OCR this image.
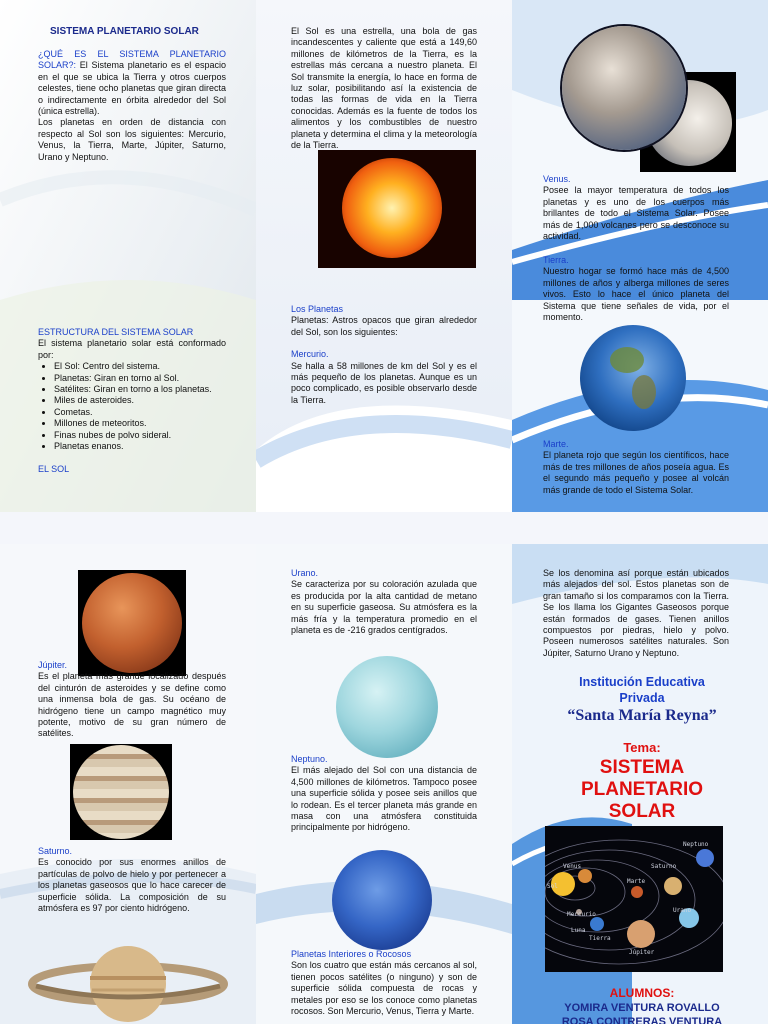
SISTEMA PLANETARIO SOLAR
¿QUÉ ES EL SISTEMA PLANETARIO SOLAR?: El Sistema planetario es el espacio en el que se ubica la Tierra y otros cuerpos celestes, tiene ocho planetas que giran directa o indirectamente en órbita alrededor del Sol (única estrella).
Los planetas en orden de distancia con respecto al Sol son los siguientes: Mercurio, Venus, la Tierra, Marte, Júpiter, Saturno, Urano y Neptuno.
ESTRUCTURA DEL SISTEMA SOLAR
El sistema planetario solar está conformado por:
• El Sol: Centro del sistema.
• Planetas: Giran en torno al Sol.
• Satélites: Giran en torno a los planetas.
• Miles de asteroides.
• Cometas.
• Millones de meteoritos.
• Finas nubes de polvo sideral.
• Planetas enanos.
EL SOL
El Sol es una estrella, una bola de gas incandescentes y caliente que está a 149,60 millones de kilómetros de la Tierra, es la estrellas más cercana a nuestro planeta. El Sol transmite la energía, lo hace en forma de luz solar, posibilitando así la existencia de todas las formas de vida en la Tierra conocidas. Además es la fuente de todos los alimentos y los combustibles de nuestro planeta y determina el clima y la meteorología de la Tierra.
Los Planetas
Planetas: Astros opacos que giran alrededor del Sol, son los siguientes:
Mercurio.
Se halla a 58 millones de km del Sol y es el más pequeño de los planetas. Aunque es un poco complicado, es posible observarlo desde la Tierra.
Venus.
Posee la mayor temperatura de todos los planetas y es uno de los cuerpos más brillantes de todo el Sistema Solar. Posee más de 1,000 volcanes pero se desconoce su actividad.
Tierra.
Nuestro hogar se formó hace más de 4,500 millones de años y alberga millones de seres vivos. Esto lo hace el único planeta del Sistema que tiene señales de vida, por el momento.
Marte.
El planeta rojo que según los científicos, hace más de tres millones de años poseía agua. Es el segundo más pequeño y posee al volcán más grande de todo el Sistema Solar.
Júpiter.
Es el planeta más grande localizado después del cinturón de asteroides y se define como una inmensa bola de gas. Su océano de hidrógeno tiene un campo magnético muy potente, motivo de su gran número de satélites.
Saturno.
Es conocido por sus enormes anillos de partículas de polvo de hielo y por pertenecer a los planetas gaseosos que lo hace carecer de superficie sólida. La composición de su atmósfera es 97 por ciento hidrógeno.
Urano.
Se caracteriza por su coloración azulada que es producida por la alta cantidad de metano en su superficie gaseosa. Su atmósfera es la más fría y la temperatura promedio en el planeta es de -216 grados centígrados.
Neptuno.
El más alejado del Sol con una distancia de 4,500 millones de kilómetros. Tampoco posee una superficie sólida y posee seis anillos que lo rodean. Es el tercer planeta más grande en masa con una atmósfera constituida principalmente por hidrógeno.
Planetas Interiores o Rocosos
Son los cuatro que están más cercanos al sol, tienen pocos satélites (o ninguno) y son de superficie sólida compuesta de rocas y metales por eso se los conoce como planetas rocosos. Son Mercurio, Venus, Tierra y Marte.
Se los denomina así porque están ubicados más alejados del sol. Estos planetas son de gran tamaño si los comparamos con la Tierra. Se los llama los Gigantes Gaseosos porque están formados de gases. Tienen anillos compuestos por piedras, hielo y polvo. Poseen numerosos satélites naturales. Son Júpiter, Saturno Urano y Neptuno.
Institución Educativa
Privada
“Santa María Reyna”
Tema:
SISTEMA
PLANETARIO
SOLAR
Venus
Sol
Mercurio
Luna
Tierra
Marte
Saturno
Neptuno
Urano
Júpiter
ALUMNOS:
YOMIRA VENTURA ROVALLO
ROSA CONTRERAS VENTURA
